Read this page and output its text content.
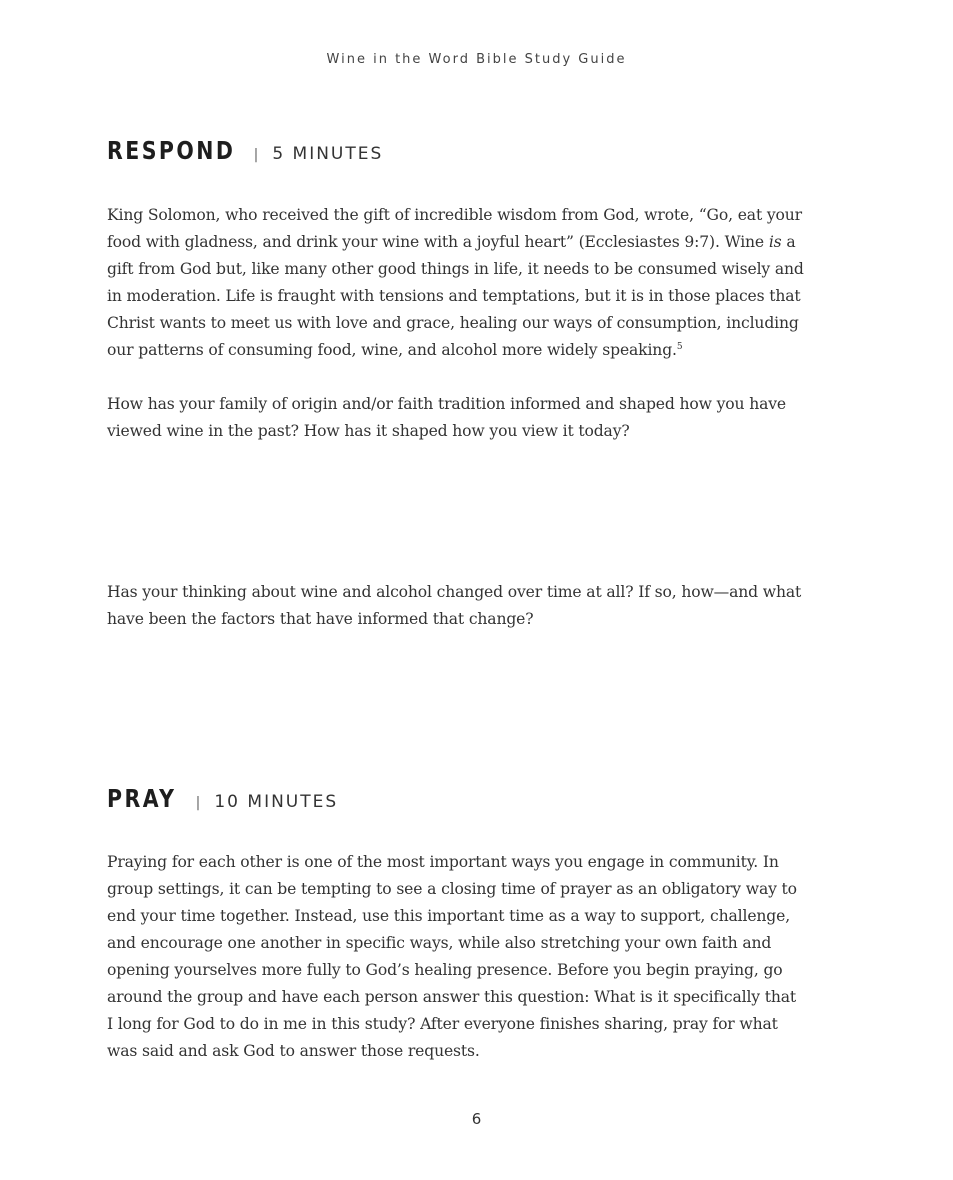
Wine in the Word Bible Study Guide
RESPOND | 5 MINUTES

King Solomon, who received the gift of incredible wisdom from God, wrote, “Go, eat your
food with gladness, and drink your wine with a joyful heart” (Ecclesiastes 9:7). Wine is a
gift from God but, like many other good things in life, it needs to be consumed wisely and
in moderation. Life is fraught with tensions and temptations, but it is in those places that
Christ wants to meet us with love and grace, healing our ways of consumption, including
our patterns of consuming food, wine, and alcohol more widely speaking.$^5$

How has your family of origin and/or faith tradition informed and shaped how you have
viewed wine in the past? How has it shaped how you view it today?

Has your thinking about wine and alcohol changed over time at all? If so, how—and what
have been the factors that have informed that change?

PRAY | 10 MINUTES

Praying for each other is one of the most important ways you engage in community. In
group settings, it can be tempting to see a closing time of prayer as an obligatory way to
end your time together. Instead, use this important time as a way to support, challenge,
and encourage one another in specific ways, while also stretching your own faith and
opening yourselves more fully to God’s healing presence. Before you begin praying, go
around the group and have each person answer this question: What is it specifically that
I long for God to do in me in this study? After everyone finishes sharing, pray for what
was said and ask God to answer those requests.

6
